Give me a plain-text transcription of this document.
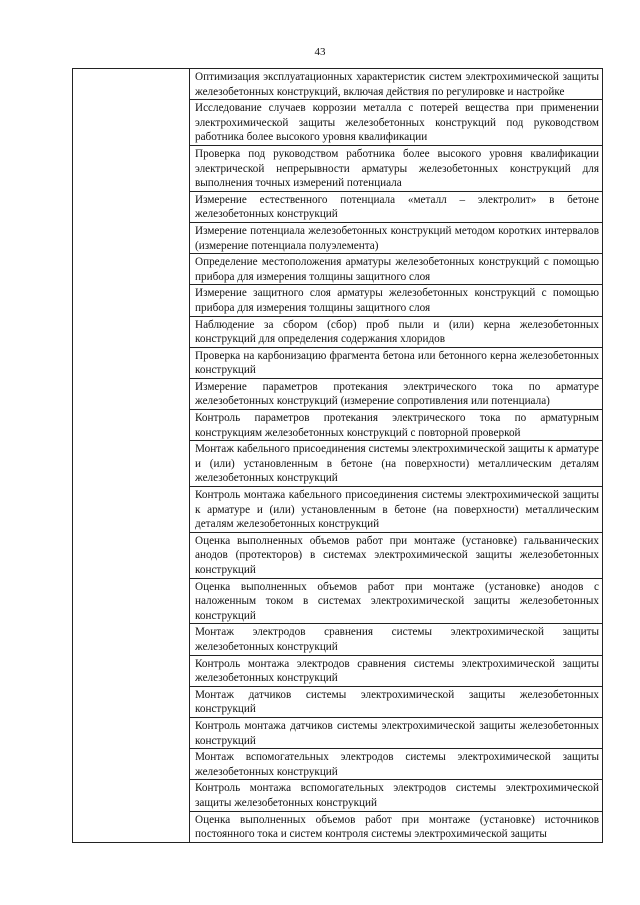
43
Оптимизация эксплуатационных характеристик систем электрохимической защиты железобетонных конструкций, включая действия по регулировке и настройке
Исследование случаев коррозии металла с потерей вещества при применении электрохимической защиты железобетонных конструкций под руководством работника более высокого уровня квалификации
Проверка под руководством работника более высокого уровня квалификации электрической непрерывности арматуры железобетонных конструкций для выполнения точных измерений потенциала
Измерение естественного потенциала «металл – электролит» в бетоне железобетонных конструкций
Измерение потенциала железобетонных конструкций методом коротких интервалов (измерение потенциала полуэлемента)
Определение местоположения арматуры железобетонных конструкций с помощью прибора для измерения толщины защитного слоя
Измерение защитного слоя арматуры железобетонных конструкций с помощью прибора для измерения толщины защитного слоя
Наблюдение за сбором (сбор) проб пыли и (или) керна железобетонных конструкций для определения содержания хлоридов
Проверка на карбонизацию фрагмента бетона или бетонного керна железобетонных конструкций
Измерение параметров протекания электрического тока по арматуре железобетонных конструкций (измерение сопротивления или потенциала)
Контроль параметров протекания электрического тока по арматурным конструкциям железобетонных конструкций с повторной проверкой
Монтаж кабельного присоединения системы электрохимической защиты к арматуре и (или) установленным в бетоне (на поверхности) металлическим деталям железобетонных конструкций
Контроль монтажа кабельного присоединения системы электрохимической защиты к арматуре и (или) установленным в бетоне (на поверхности) металлическим деталям железобетонных конструкций
Оценка выполненных объемов работ при монтаже (установке) гальванических анодов (протекторов) в системах электрохимической защиты железобетонных конструкций
Оценка выполненных объемов работ при монтаже (установке) анодов с наложенным током в системах электрохимической защиты железобетонных конструкций
Монтаж электродов сравнения системы электрохимической защиты железобетонных конструкций
Контроль монтажа электродов сравнения системы электрохимической защиты железобетонных конструкций
Монтаж датчиков системы электрохимической защиты железобетонных конструкций
Контроль монтажа датчиков системы электрохимической защиты железобетонных конструкций
Монтаж вспомогательных электродов системы электрохимической защиты железобетонных конструкций
Контроль монтажа вспомогательных электродов системы электрохимической защиты железобетонных конструкций
Оценка выполненных объемов работ при монтаже (установке) источников постоянного тока и систем контроля системы электрохимической защиты
